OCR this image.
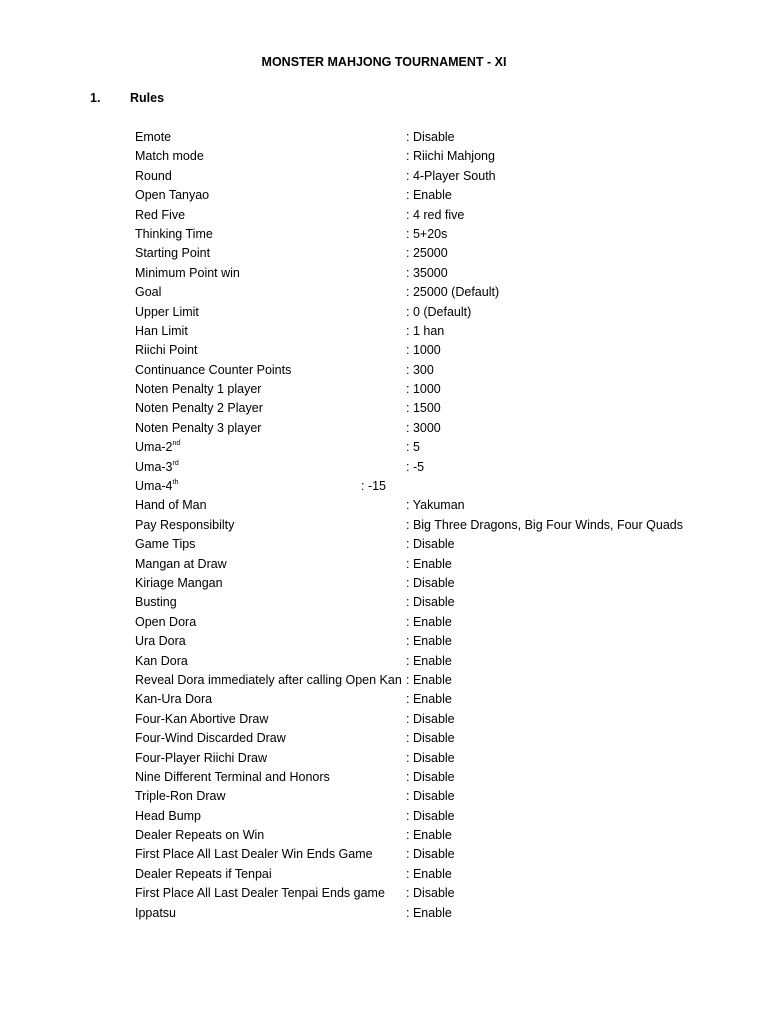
MONSTER MAHJONG TOURNAMENT - XI
1. Rules
Emote	: Disable
Match mode	: Riichi Mahjong
Round	: 4-Player South
Open Tanyao	: Enable
Red Five	: 4 red five
Thinking Time	: 5+20s
Starting Point	: 25000
Minimum Point win	: 35000
Goal	: 25000 (Default)
Upper Limit	: 0 (Default)
Han Limit	: 1 han
Riichi Point	: 1000
Continuance Counter Points	: 300
Noten Penalty 1 player	: 1000
Noten Penalty 2 Player	: 1500
Noten Penalty 3 player	: 3000
Uma-2nd	: 5
Uma-3rd	: -5
Uma-4th	: -15
Hand of Man	: Yakuman
Pay Responsibilty	: Big Three Dragons, Big Four Winds, Four Quads
Game Tips	: Disable
Mangan at Draw	: Enable
Kiriage Mangan	: Disable
Busting	: Disable
Open Dora	: Enable
Ura Dora	: Enable
Kan Dora	: Enable
Reveal Dora immediately after calling Open Kan : Enable
Kan-Ura Dora	: Enable
Four-Kan Abortive Draw	: Disable
Four-Wind Discarded Draw	: Disable
Four-Player Riichi Draw	: Disable
Nine Different Terminal and Honors	: Disable
Triple-Ron Draw	: Disable
Head Bump	: Disable
Dealer Repeats on Win	: Enable
First Place All Last Dealer Win Ends Game	: Disable
Dealer Repeats if Tenpai	: Enable
First Place All Last Dealer Tenpai Ends game : Disable
Ippatsu	: Enable
